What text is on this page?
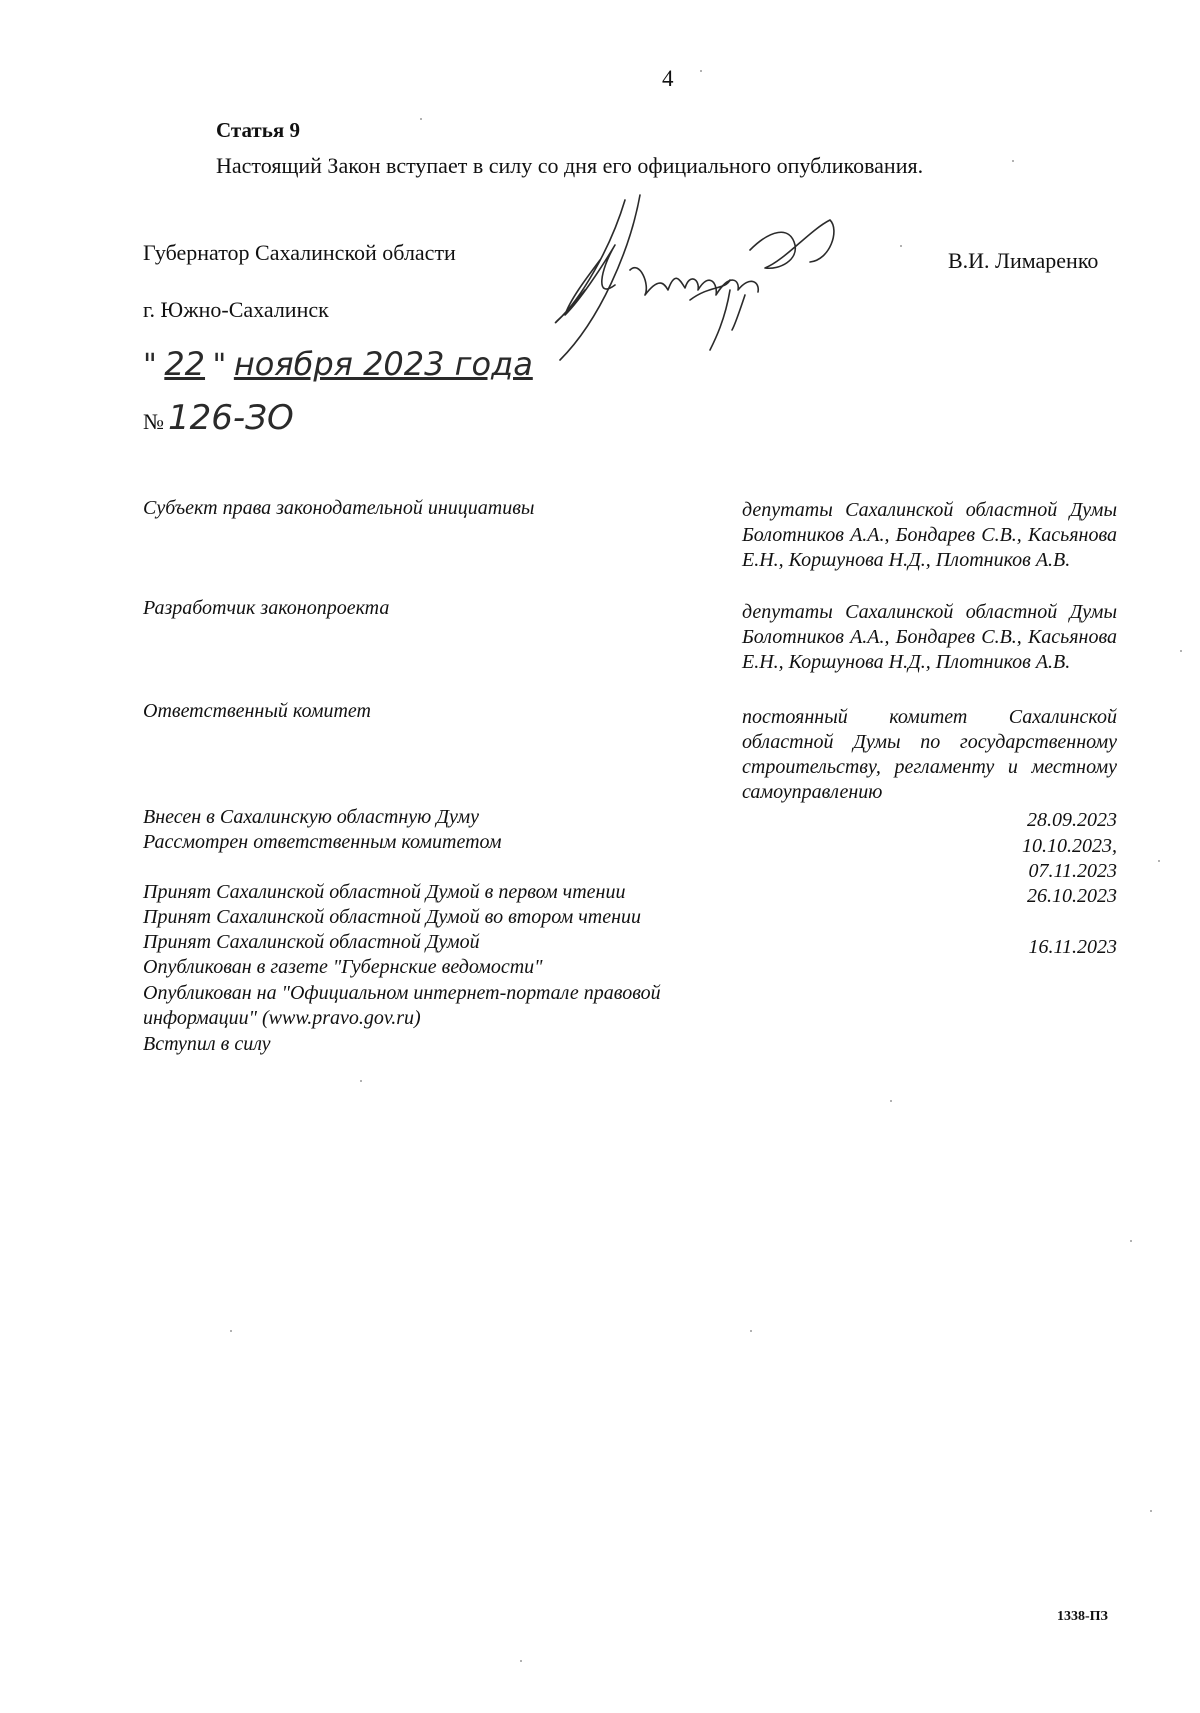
4
Статья 9
Настоящий Закон вступает в силу со дня его официального опубликования.
Губернатор Сахалинской области	В.И. Лимаренко
г. Южно-Сахалинск
" 22 " ноября 2023 года
№ 126-ЗО
Субъект права законодательной инициативы	депутаты Сахалинской областной Думы Болотников А.А., Бондарев С.В., Касьянова Е.Н., Коршунова Н.Д., Плотников А.В.
Разработчик законопроекта	депутаты Сахалинской областной Думы Болотников А.А., Бондарев С.В., Касьянова Е.Н., Коршунова Н.Д., Плотников А.В.
Ответственный комитет	постоянный комитет Сахалинской областной Думы по государственному строительству, регламенту и местному самоуправлению
Внесен в Сахалинскую областную Думу	28.09.2023
Рассмотрен ответственным комитетом	10.10.2023,
07.11.2023
Принят Сахалинской областной Думой в первом чтении	26.10.2023
Принят Сахалинской областной Думой во втором чтении
Принят Сахалинской областной Думой	16.11.2023
Опубликован в газете "Губернские ведомости"
Опубликован на "Официальном интернет-портале правовой
информации" (www.pravo.gov.ru)
Вступил в силу
1338-ПЗ
